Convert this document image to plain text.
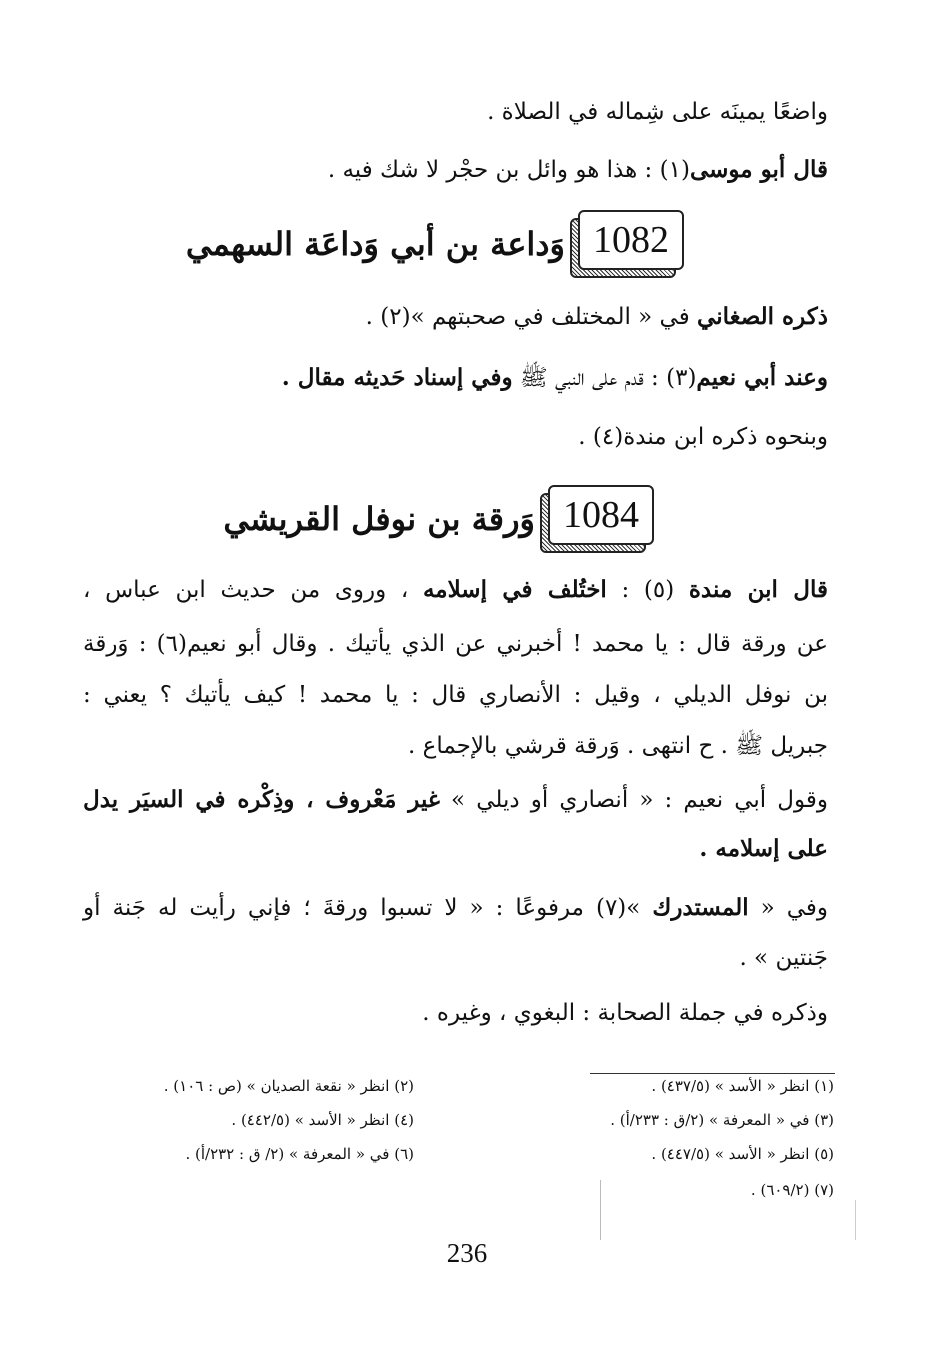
واضعًا يمينَه على شِماله في الصلاة .
قال أبو موسى(١) : هذا هو وائل بن حجْر لا شك فيه .
1082
وَداعة بن أبي وَداعَة السهمي
ذكره الصغاني في « المختلف في صحبتهم »(٢) .
وعند أبي نعيم(٣) : قدم على النبي ﷺ وفي إسناد حَديثه مقال .
وبنحوه ذكره ابن مندة(٤) .
1084
وَرقة بن نوفل القريشي
قال ابن مندة (٥) : اختُلف في إسلامه ، وروى من حديث ابن عباس ،
عن ورقة قال : يا محمد ! أخبرني عن الذي يأتيك . وقال أبو نعيم(٦) : وَرقة
بن نوفل الديلي ، وقيل : الأنصاري قال : يا محمد ! كيف يأتيك ؟ يعني :
جبريل ﷺ . ح انتهى . وَرقة قرشي بالإجماع .
وقول أبي نعيم : « أنصاري أو ديلي » غير مَعْروف ، وذِكْره في السيَر يدل
على إسلامه .
وفي « المستدرك »(٧) مرفوعًا : « لا تسبوا ورقةَ ؛ فإني رأيت له جَنة أو
جَنتين » .
وذكره في جملة الصحابة : البغوي ، وغيره .
(١) انظر « الأسد » (٤٣٧/٥) .
(٣) في « المعرفة » (٢/ق : ٢٣٣/أ) .
(٥) انظر « الأسد » (٤٤٧/٥) .
(٧) (٦٠٩/٢) .
(٢) انظر « نقعة الصديان » (ص : ١٠٦) .
(٤) انظر « الأسد » (٤٤٢/٥) .
(٦) في « المعرفة » (٢/ ق : ٢٣٢/أ) .
236
